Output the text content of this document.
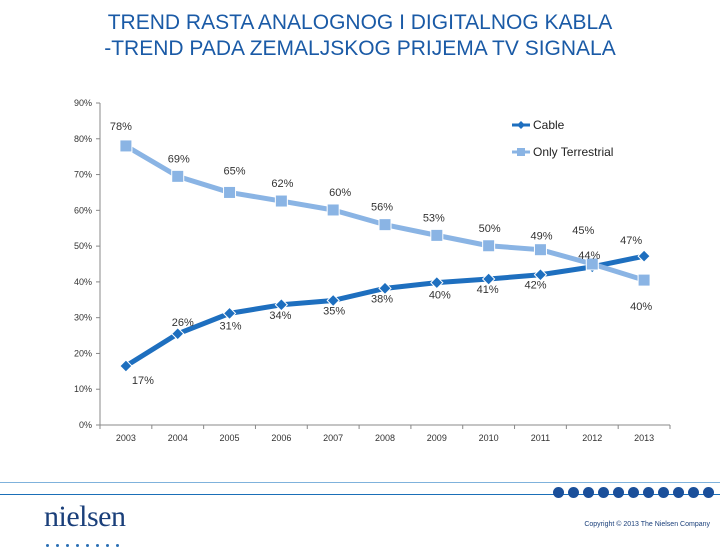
TREND RASTA ANALOGNOG I DIGITALNOG KABLA
-TREND PADA ZEMALJSKOG PRIJEMA TV SIGNALA
0%
10%
20%
30%
40%
50%
60%
70%
80%
90%
2003	2004	2005	2006	2007	2008	2009	2010	2011	2012	2013
17%
26% 31%
34%	35%
38%	40% 41% 42%
44%
47%
78%
69%
65%
62%
60%
56%
53%
50%
49% 45%
40%
Cable
Only Terrestrial
nielsen	Copyright © 2013 The Nielsen Company
